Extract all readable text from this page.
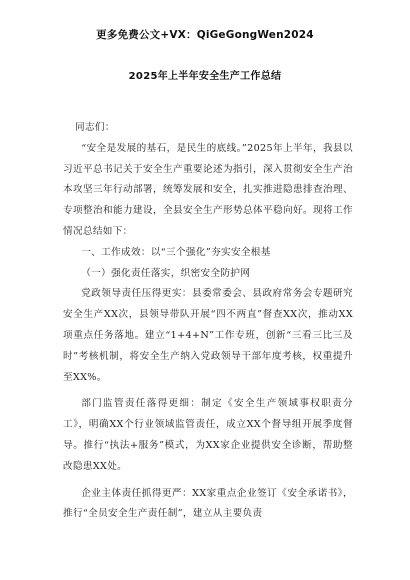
更多免费公文+VX：QiGeGongWen2024
2025年上半年安全生产工作总结

同志们：

“安全是发展的基石，是民生的底线。”2025年上半年，我县以习近平总书记关于安全生产重要论述为指引，深入贯彻安全生产治本攻坚三年行动部署，统筹发展和安全，扎实推进隐患排查治理、专项整治和能力建设，全县安全生产形势总体平稳向好。现将工作情况总结如下：

一、工作成效：以“三个强化”夯实安全根基

（一）强化责任落实，织密安全防护网

党政领导责任压得更实：县委常委会、县政府常务会专题研究安全生产XX次，县领导带队开展“四不两直”督查XX次，推动XX项重点任务落地。建立“1+4+N”工作专班，创新“三看三比三及时”考核机制，将安全生产纳入党政领导干部年度考核，权重提升至XX%。

部门监管责任落得更细：制定《安全生产领域事权职责分工》，明确XX个行业领域监管责任，成立XX个督导组开展季度督导。推行“执法+服务”模式，为XX家企业提供安全诊断，帮助整改隐患XX处。

企业主体责任抓得更严：XX家重点企业签订《安全承诺书》，推行“全员安全生产责任制”，建立从主要负责
